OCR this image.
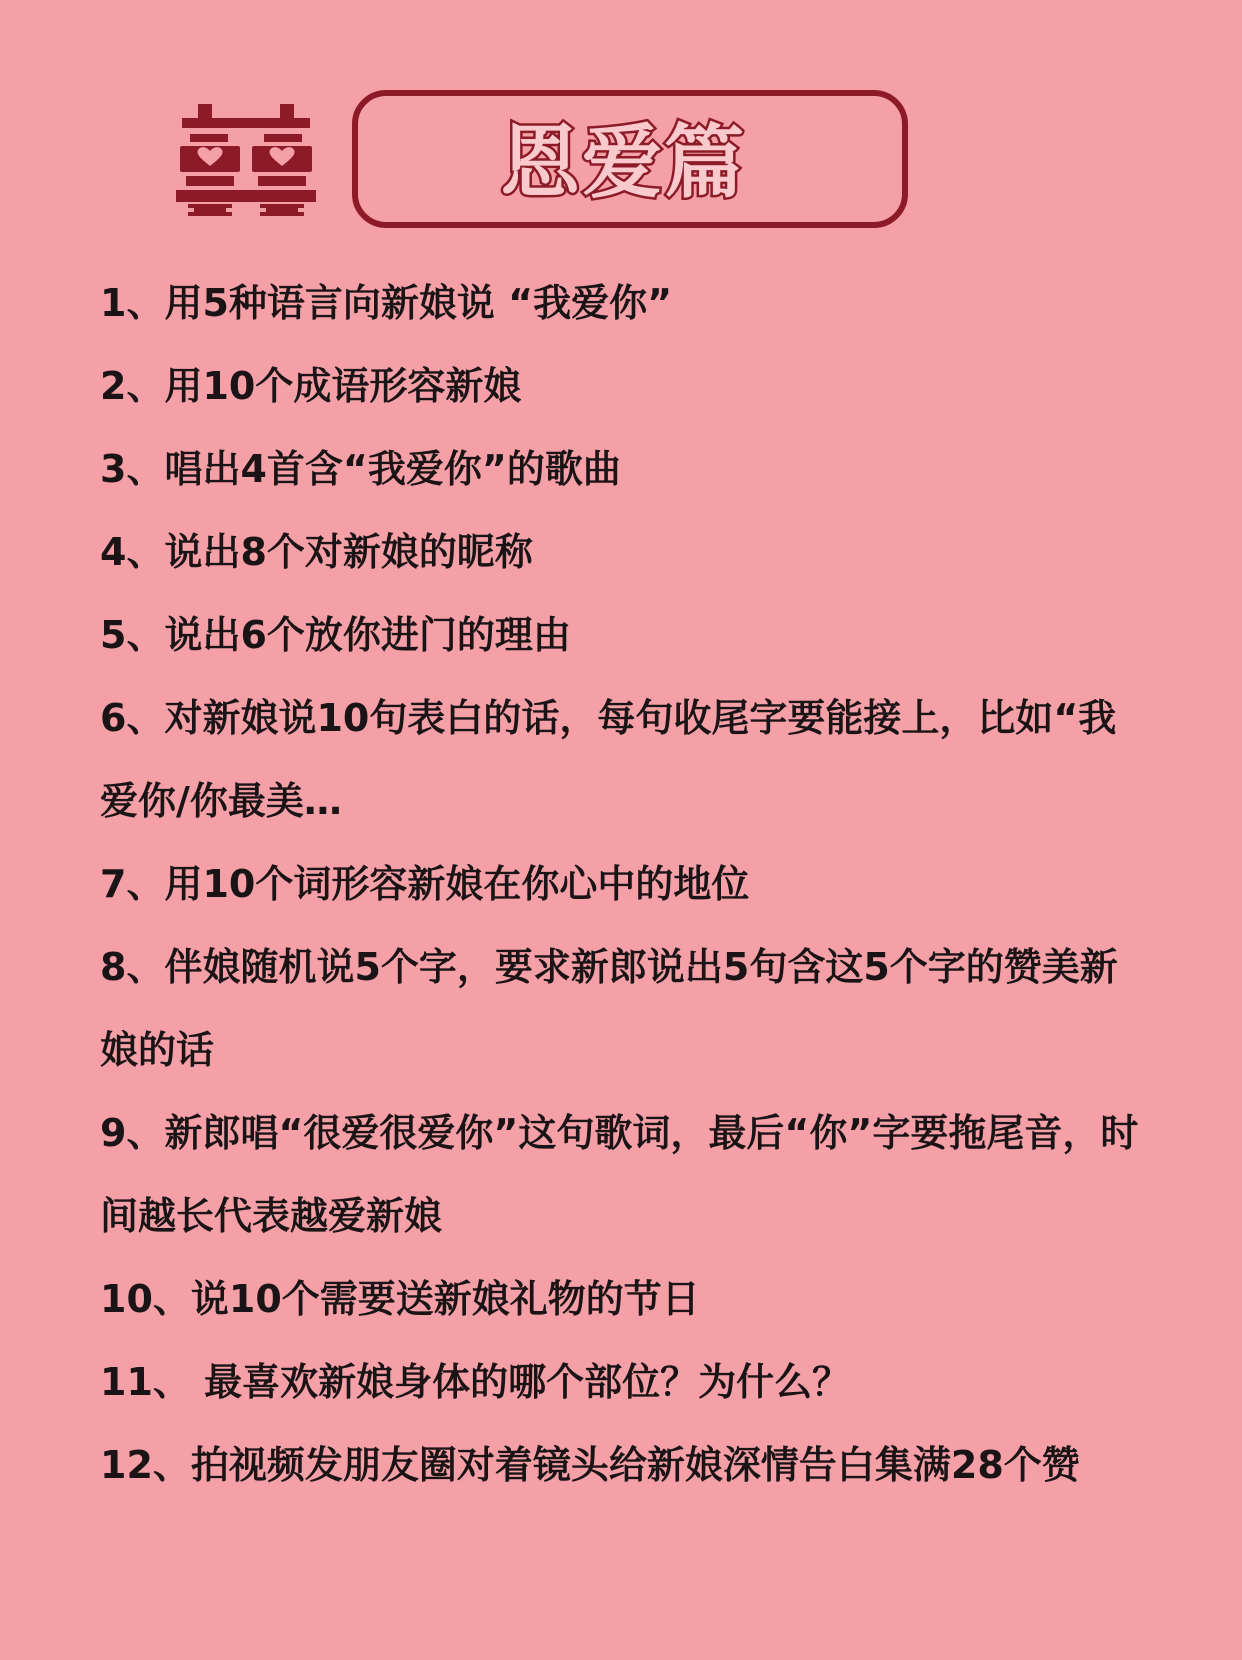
恩爱篇
1、用5种语言向新娘说 “我爱你”
2、用10个成语形容新娘
3、唱出4首含“我爱你”的歌曲
4、说出8个对新娘的昵称
5、说出6个放你进门的理由
6、对新娘说10句表白的话，每句收尾字要能接上，比如“我爱你/你最美…
7、用10个词形容新娘在你心中的地位
8、伴娘随机说5个字，要求新郎说出5句含这5个字的赞美新娘的话
9、新郎唱“很爱很爱你”这句歌词，最后“你”字要拖尾音，时间越长代表越爱新娘
10、说10个需要送新娘礼物的节日
11、 最喜欢新娘身体的哪个部位？为什么？
12、拍视频发朋友圈对着镜头给新娘深情告白集满28个赞
